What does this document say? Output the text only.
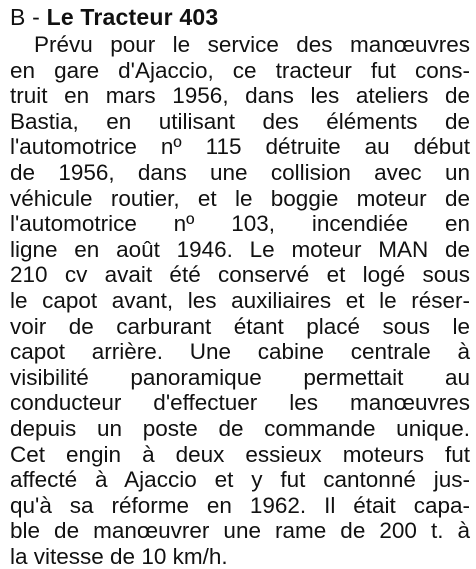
B - Le Tracteur 403
Prévu pour le service des manœuvres
en gare d'Ajaccio, ce tracteur fut cons-
truit en mars 1956, dans les ateliers de
Bastia, en utilisant des éléments de
l'automotrice nº 115 détruite au début
de 1956, dans une collision avec un
véhicule routier, et le boggie moteur de
l'automotrice nº 103, incendiée en
ligne en août 1946. Le moteur MAN de
210 cv avait été conservé et logé sous
le capot avant, les auxiliaires et le réser-
voir de carburant étant placé sous le
capot arrière. Une cabine centrale à
visibilité panoramique permettait au
conducteur d'effectuer les manœuvres
depuis un poste de commande unique.
Cet engin à deux essieux moteurs fut
affecté à Ajaccio et y fut cantonné jus-
qu'à sa réforme en 1962. Il était capa-
ble de manœuvrer une rame de 200 t. à
la vitesse de 10 km/h.
